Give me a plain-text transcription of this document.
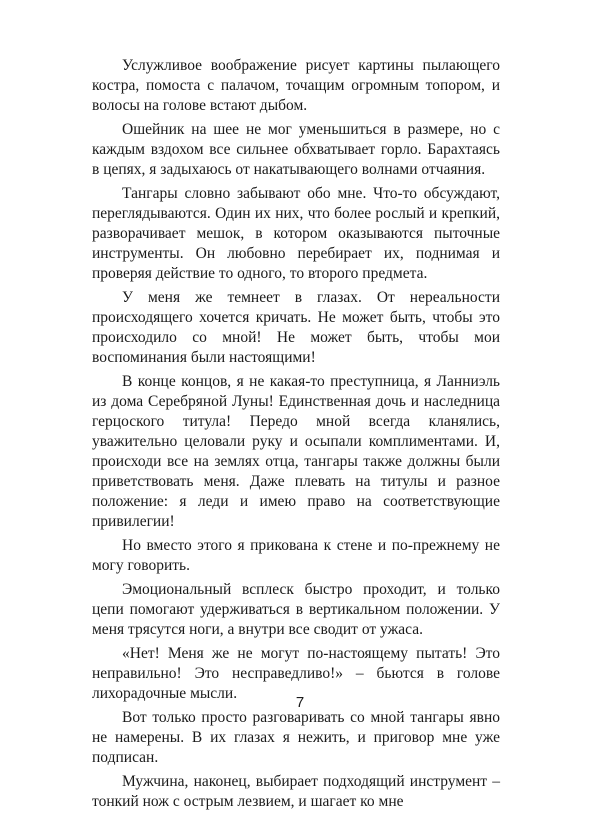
Услужливое воображение рисует картины пылающего костра, помоста с палачом, точащим огромным топором, и волосы на голове встают дыбом.

Ошейник на шее не мог уменьшиться в размере, но с каждым вздохом все сильнее обхватывает горло. Барахтаясь в цепях, я задыхаюсь от накатывающего волнами отчаяния.

Тангары словно забывают обо мне. Что-то обсуждают, переглядываются. Один их них, что более рослый и крепкий, разворачивает мешок, в котором оказываются пыточные инструменты. Он любовно перебирает их, поднимая и проверяя действие то одного, то второго предмета.

У меня же темнеет в глазах. От нереальности происходящего хочется кричать. Не может быть, чтобы это происходило со мной! Не может быть, чтобы мои воспоминания были настоящими!

В конце концов, я не какая-то преступница, я Ланниэль из дома Серебряной Луны! Единственная дочь и наследница герцоского титула! Передо мной всегда кланялись, уважительно целовали руку и осыпали комплиментами. И, происходи все на землях отца, тангары также должны были приветствовать меня. Даже плевать на титулы и разное положение: я леди и имею право на соответствующие привилегии!

Но вместо этого я прикована к стене и по-прежнему не могу говорить.

Эмоциональный всплеск быстро проходит, и только цепи помогают удерживаться в вертикальном положении. У меня трясутся ноги, а внутри все сводит от ужаса.

«Нет! Меня же не могут по-настоящему пытать! Это неправильно! Это несправедливо!» – бьются в голове лихорадочные мысли.

Вот только просто разговаривать со мной тангары явно не намерены. В их глазах я нежить, и приговор мне уже подписан.

Мужчина, наконец, выбирает подходящий инструмент – тонкий нож с острым лезвием, и шагает ко мне

7
